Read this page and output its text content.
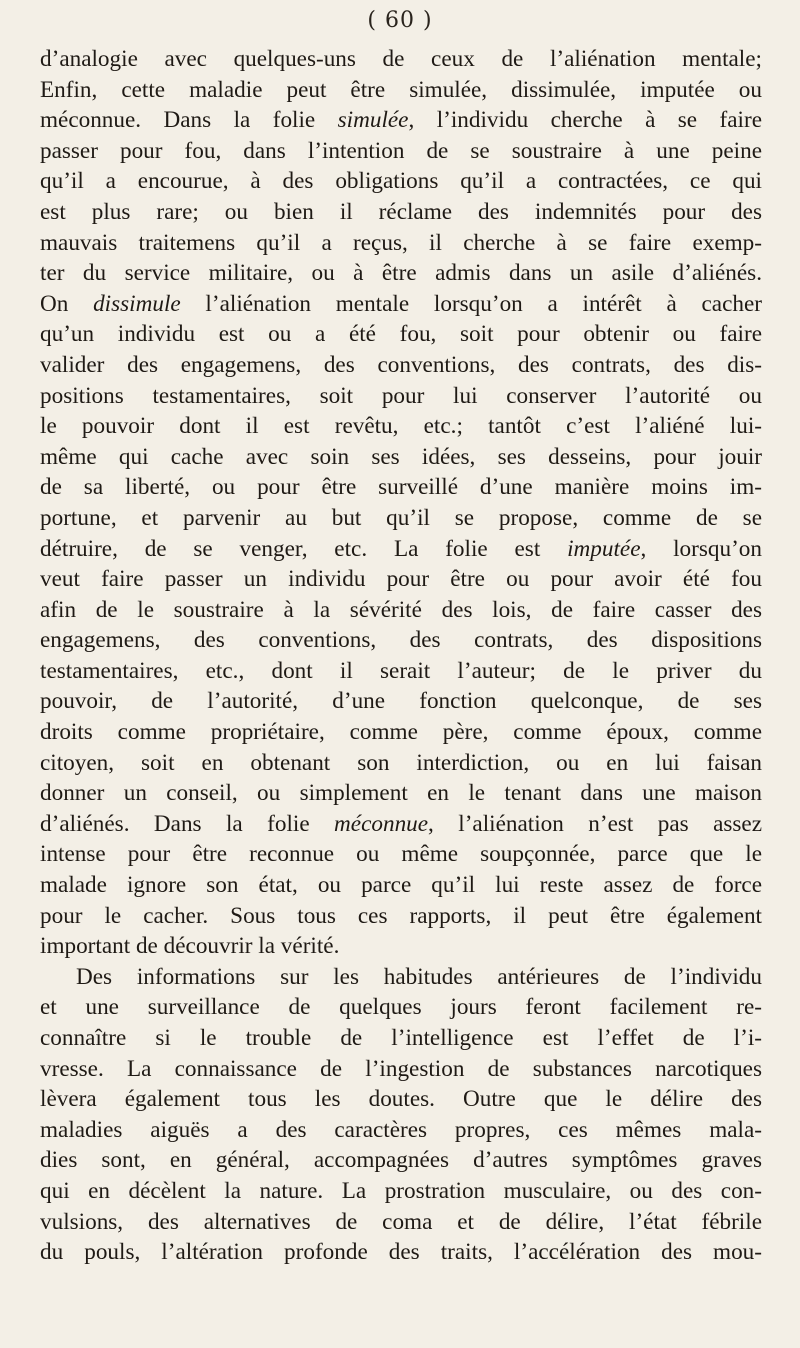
( 60 )
d’analogie avec quelques-uns de ceux de l’aliénation mentale;
Enfin, cette maladie peut être simulée, dissimulée, imputée ou
méconnue. Dans la folie simulée, l’individu cherche à se faire
passer pour fou, dans l’intention de se soustraire à une peine
qu’il a encourue, à des obligations qu’il a contractées, ce qui
est plus rare; ou bien il réclame des indemnités pour des
mauvais traitemens qu’il a reçus, il cherche à se faire exemp-
ter du service militaire, ou à être admis dans un asile d’aliénés.
On dissimule l’aliénation mentale lorsqu’on a intérêt à cacher
qu’un individu est ou a été fou, soit pour obtenir ou faire
valider des engagemens, des conventions, des contrats, des dis-
positions testamentaires, soit pour lui conserver l’autorité ou
le pouvoir dont il est revêtu, etc.; tantôt c’est l’aliéné lui-
même qui cache avec soin ses idées, ses desseins, pour jouir
de sa liberté, ou pour être surveillé d’une manière moins im-
portune, et parvenir au but qu’il se propose, comme de se
détruire, de se venger, etc. La folie est imputée, lorsqu’on
veut faire passer un individu pour être ou pour avoir été fou
afin de le soustraire à la sévérité des lois, de faire casser des
engagemens, des conventions, des contrats, des dispositions
testamentaires, etc., dont il serait l’auteur; de le priver du
pouvoir, de l’autorité, d’une fonction quelconque, de ses
droits comme propriétaire, comme père, comme époux, comme
citoyen, soit en obtenant son interdiction, ou en lui faisan
donner un conseil, ou simplement en le tenant dans une maison
d’aliénés. Dans la folie méconnue, l’aliénation n’est pas assez
intense pour être reconnue ou même soupçonnée, parce que le
malade ignore son état, ou parce qu’il lui reste assez de force
pour le cacher. Sous tous ces rapports, il peut être également
important de découvrir la vérité.
Des informations sur les habitudes antérieures de l’individu
et une surveillance de quelques jours feront facilement re-
connaître si le trouble de l’intelligence est l’effet de l’i-
vresse. La connaissance de l’ingestion de substances narcotiques
lèvera également tous les doutes. Outre que le délire des
maladies aiguës a des caractères propres, ces mêmes mala-
dies sont, en général, accompagnées d’autres symptômes graves
qui en décèlent la nature. La prostration musculaire, ou des con-
vulsions, des alternatives de coma et de délire, l’état fébrile
du pouls, l’altération profonde des traits, l’accélération des mou-
